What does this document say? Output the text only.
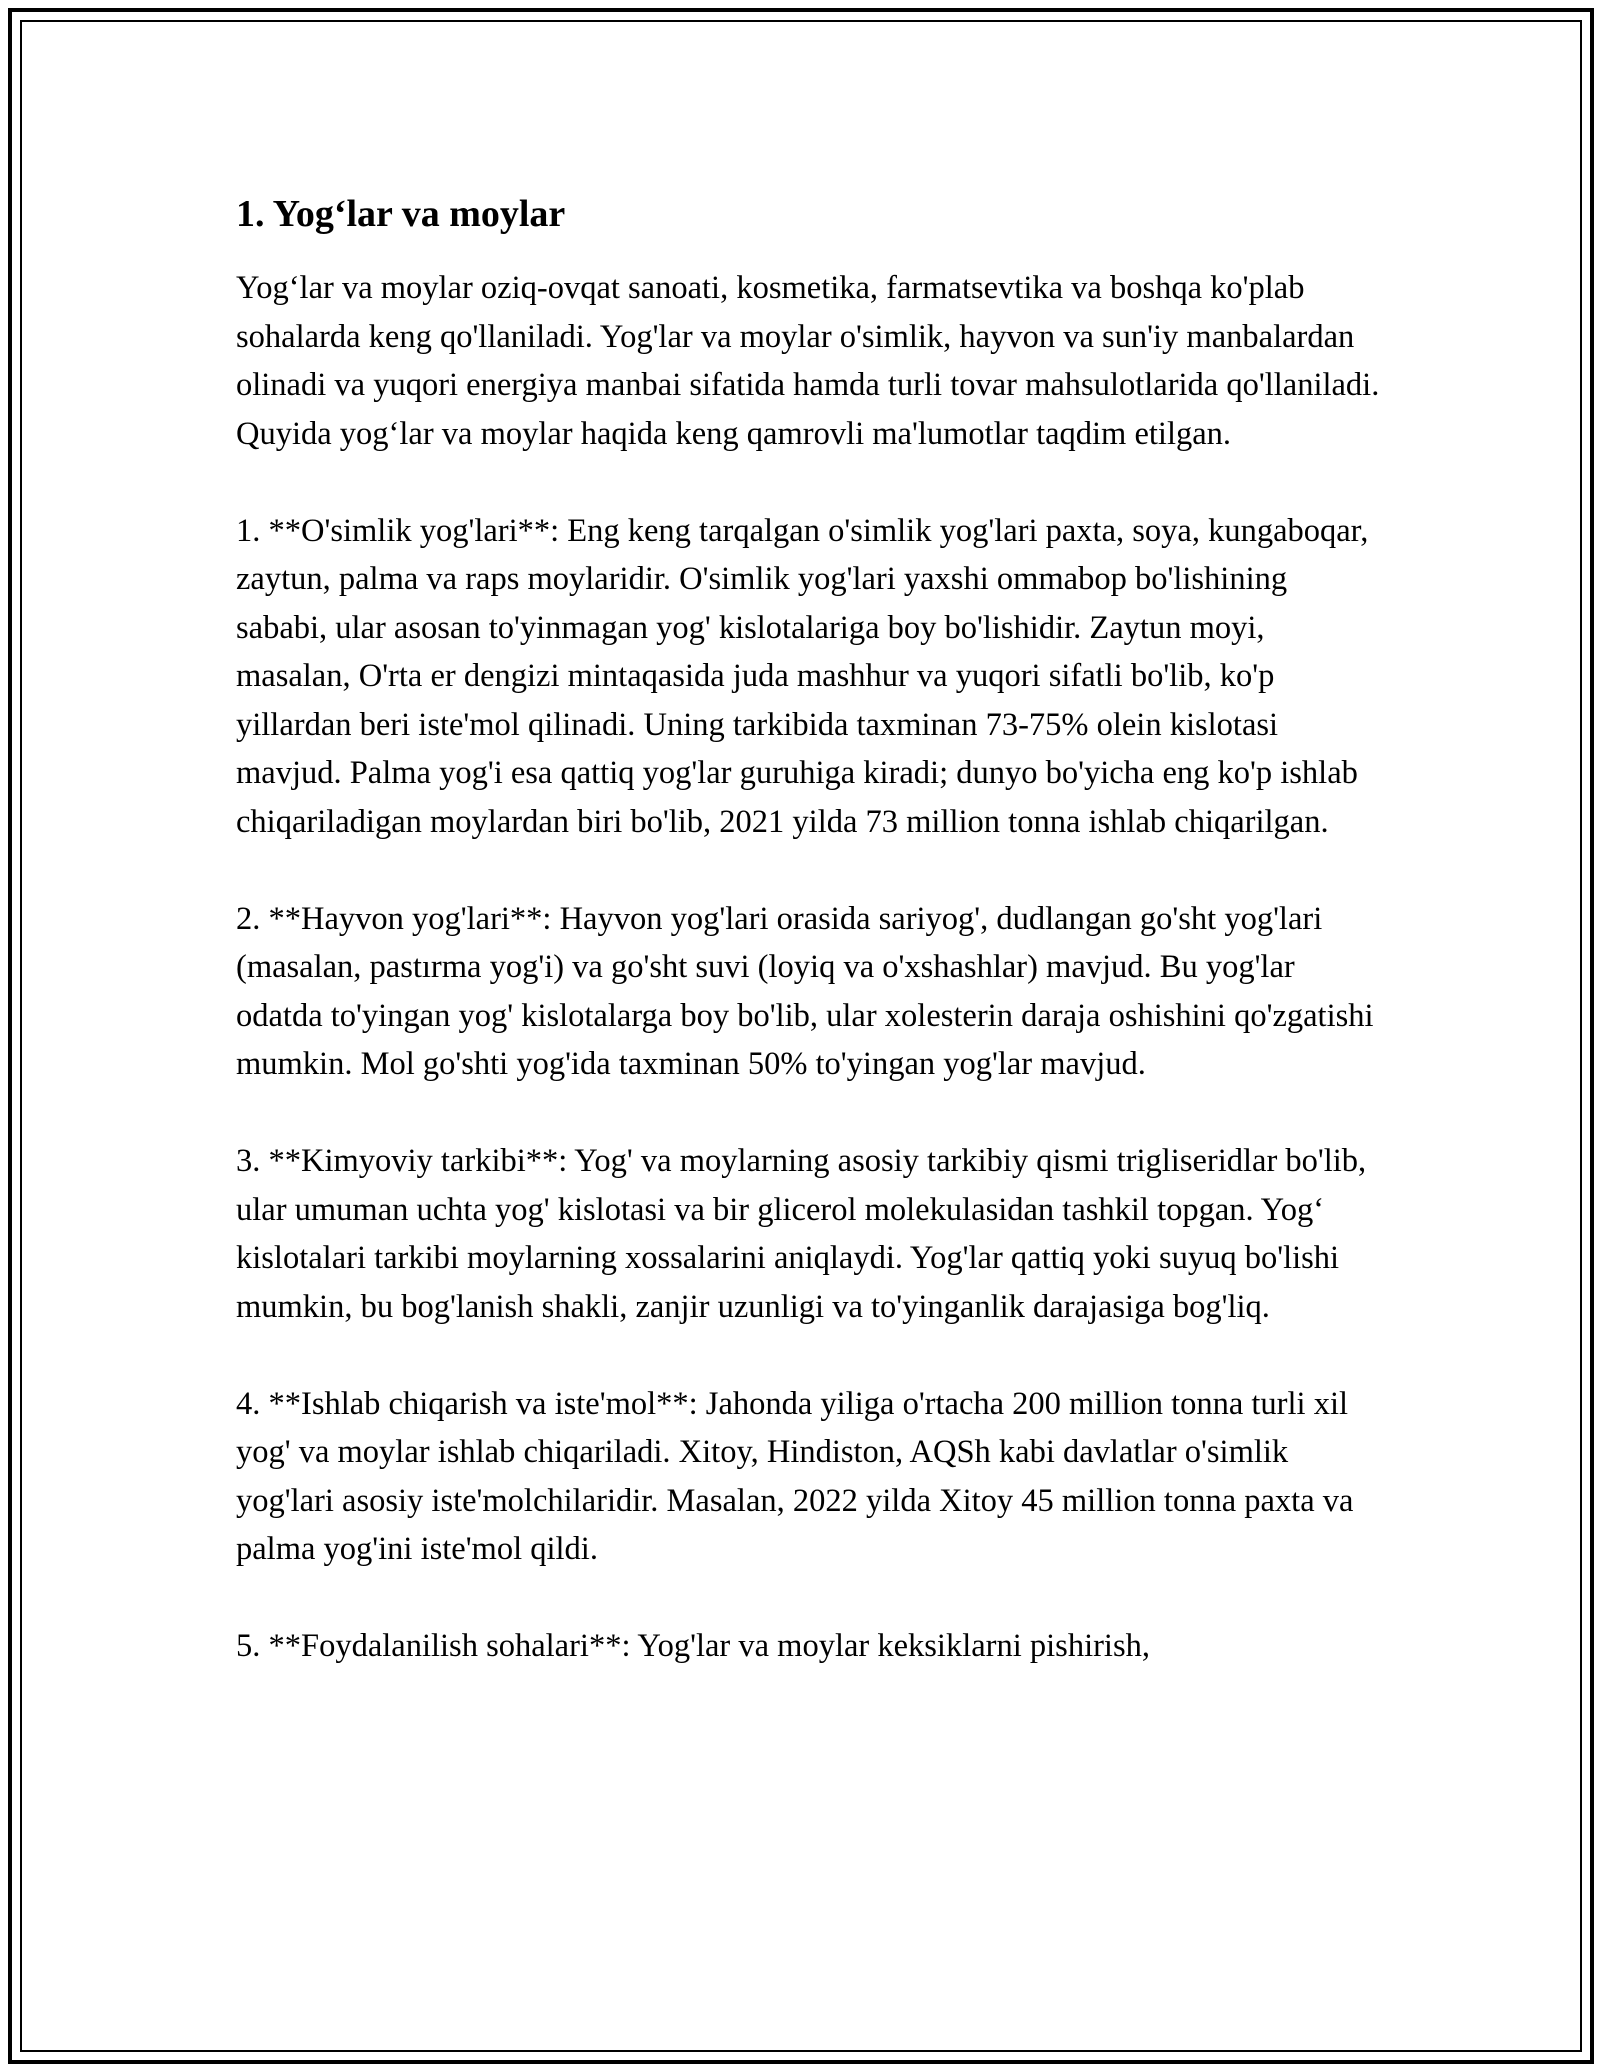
1. Yog‘lar va moylar

Yog‘lar va moylar oziq-ovqat sanoati, kosmetika, farmatsevtika va boshqa ko'plab sohalarda keng qo'llaniladi. Yog'lar va moylar o'simlik, hayvon va sun'iy manbalardan olinadi va yuqori energiya manbai sifatida hamda turli tovar mahsulotlarida qo'llaniladi. Quyida yog‘lar va moylar haqida keng qamrovli ma'lumotlar taqdim etilgan.

1. **O'simlik yog'lari**: Eng keng tarqalgan o'simlik yog'lari paxta, soya, kungaboqar, zaytun, palma va raps moylaridir. O'simlik yog'lari yaxshi ommabop bo'lishining sababi, ular asosan to'yinmagan yog' kislotalariga boy bo'lishidir. Zaytun moyi, masalan, O'rta er dengizi mintaqasida juda mashhur va yuqori sifatli bo'lib, ko'p yillardan beri iste'mol qilinadi. Uning tarkibida taxminan 73-75% olein kislotasi mavjud. Palma yog'i esa qattiq yog'lar guruhiga kiradi; dunyo bo'yicha eng ko'p ishlab chiqariladigan moylardan biri bo'lib, 2021 yilda 73 million tonna ishlab chiqarilgan.

2. **Hayvon yog'lari**: Hayvon yog'lari orasida sariyog', dudlangan go'sht yog'lari (masalan, pastırma yog'i) va go'sht suvi (loyiq va o'xshashlar) mavjud. Bu yog'lar odatda to'yingan yog' kislotalarga boy bo'lib, ular xolesterin daraja oshishini qo'zgatishi mumkin. Mol go'shti yog'ida taxminan 50% to'yingan yog'lar mavjud.

3. **Kimyoviy tarkibi**: Yog' va moylarning asosiy tarkibiy qismi trigliseridlar bo'lib, ular umuman uchta yog' kislotasi va bir glicerol molekulasidan tashkil topgan. Yog‘ kislotalari tarkibi moylarning xossalarini aniqlaydi. Yog'lar qattiq yoki suyuq bo'lishi mumkin, bu bog'lanish shakli, zanjir uzunligi va to'yinganlik darajasiga bog'liq.

4. **Ishlab chiqarish va iste'mol**: Jahonda yiliga o'rtacha 200 million tonna turli xil yog' va moylar ishlab chiqariladi. Xitoy, Hindiston, AQSh kabi davlatlar o'simlik yog'lari asosiy iste'molchilaridir. Masalan, 2022 yilda Xitoy 45 million tonna paxta va palma yog'ini iste'mol qildi.

5. **Foydalanilish sohalari**: Yog'lar va moylar keksiklarni pishirish,
